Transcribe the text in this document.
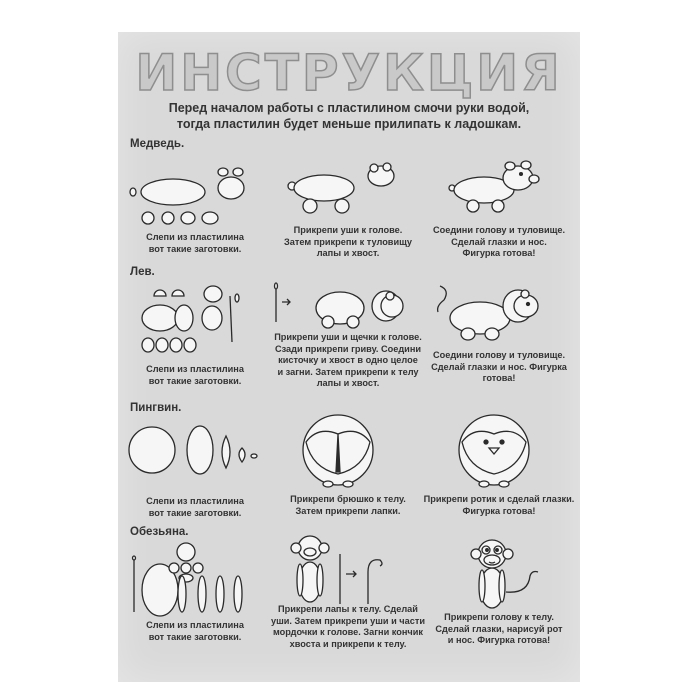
ИНСТРУКЦИЯ
Перед началом работы с пластилином смочи руки водой,
тогда пластилин будет меньше прилипать к ладошкам.
Медведь.
Слепи из пластилина
вот такие заготовки.
Прикрепи уши к голове.
Затем прикрепи к туловищу
лапы и хвост.
Соедини голову и туловище.
Сделай глазки и нос.
Фигурка готова!
Лев.
Слепи из пластилина
вот такие заготовки.
Прикрепи уши и щечки к голове.
Сзади прикрепи гриву. Соедини
кисточку и хвост в одно целое
и загни. Затем прикрепи к телу
лапы и хвост.
Соедини голову и туловище.
Сделай глазки и нос. Фигурка
готова!
Пингвин.
Слепи из пластилина
вот такие заготовки.
Прикрепи брюшко к телу.
Затем прикрепи лапки.
Прикрепи ротик и сделай глазки.
Фигурка готова!
Обезьяна.
Слепи из пластилина
вот такие заготовки.
Прикрепи лапы к телу. Сделай
уши. Затем прикрепи уши и части
мордочки к голове. Загни кончик
хвоста и прикрепи к телу.
Прикрепи голову к телу.
Сделай глазки, нарисуй рот
и нос. Фигурка готова!
